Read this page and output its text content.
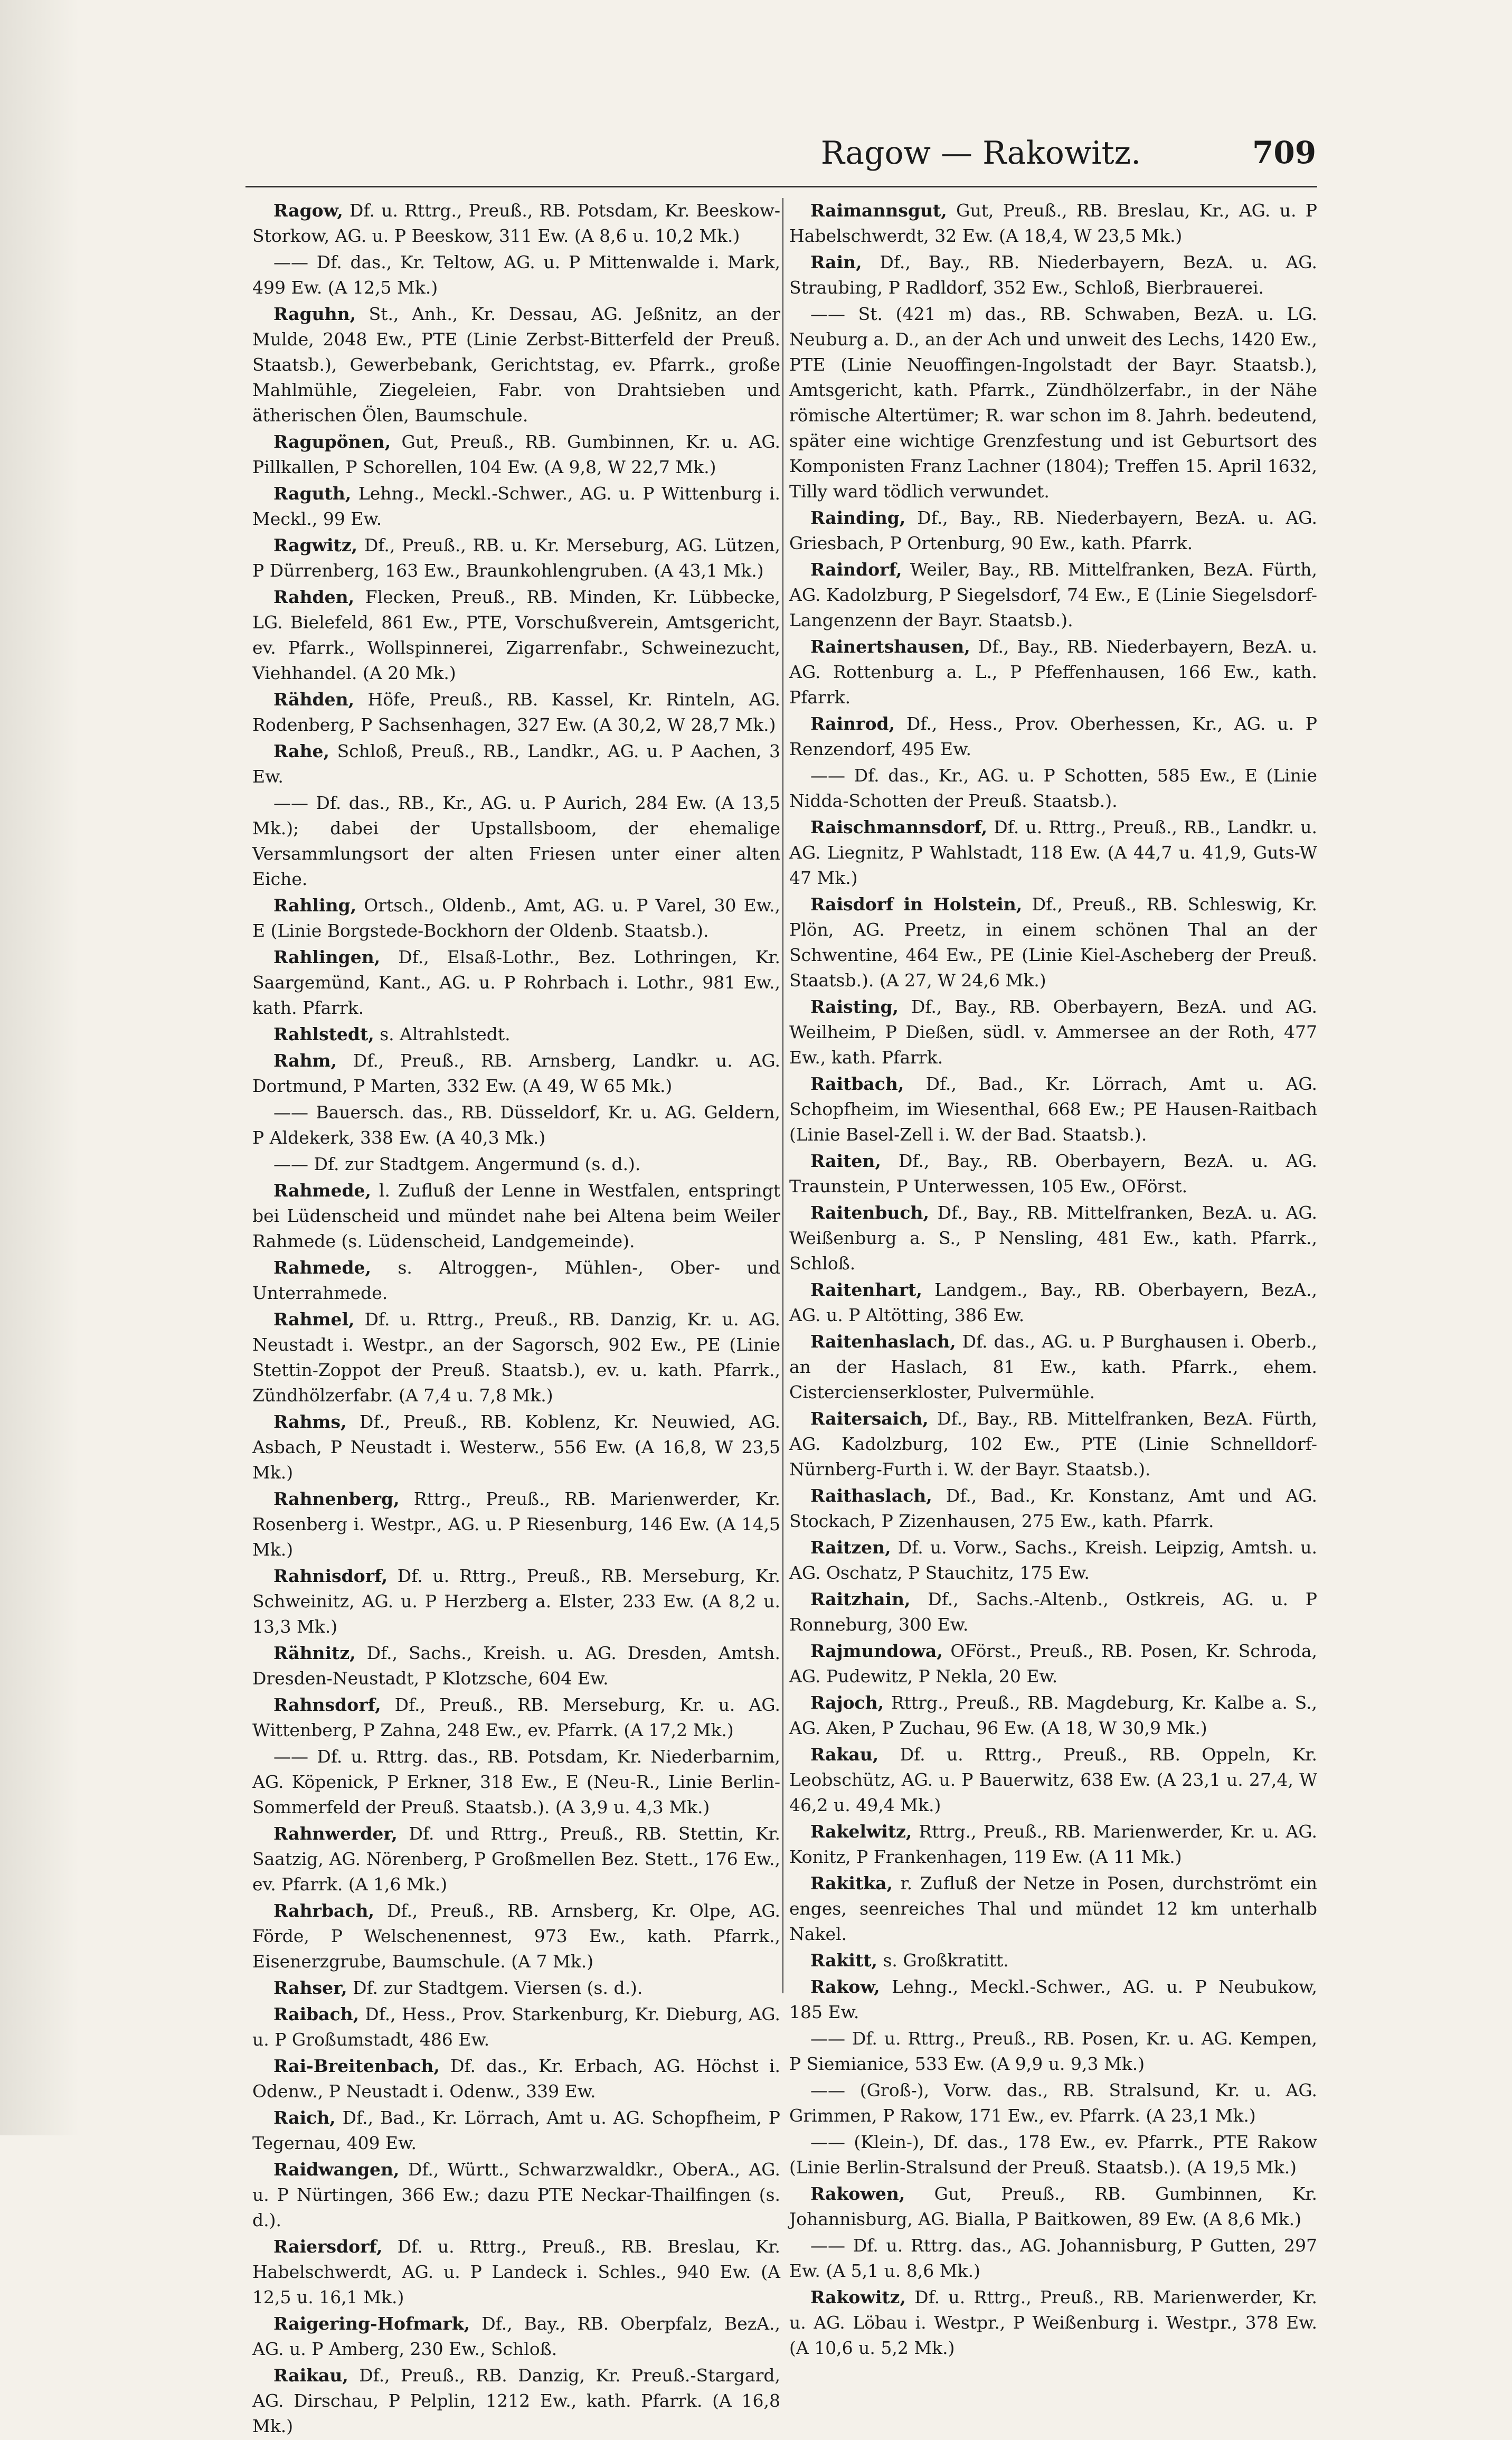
Ragow — Rakowitz.	709

Ragow, Df. u. Rttrg., Preuß., RB. Potsdam, Kr. Beeskow-Storkow, AG. u. P Beeskow, 311 Ew. (A 8,6 u. 10,2 Mk.)

—— Df. das., Kr. Teltow, AG. u. P Mittenwalde i. Mark, 499 Ew. (A 12,5 Mk.)

Raguhn, St., Anh., Kr. Dessau, AG. Jeßnitz, an der Mulde, 2048 Ew., PTE (Linie Zerbst-Bitterfeld der Preuß. Staatsb.), Gewerbebank, Gerichtstag, ev. Pfarrk., große Mahlmühle, Ziegeleien, Fabr. von Drahtsieben und ätherischen Ölen, Baumschule.

Ragupönen, Gut, Preuß., RB. Gumbinnen, Kr. u. AG. Pillkallen, P Schorellen, 104 Ew. (A 9,8, W 22,7 Mk.)

Raguth, Lehng., Meckl.-Schwer., AG. u. P Wittenburg i. Meckl., 99 Ew.

Ragwitz, Df., Preuß., RB. u. Kr. Merseburg, AG. Lützen, P Dürrenberg, 163 Ew., Braunkohlengruben. (A 43,1 Mk.)

Rahden, Flecken, Preuß., RB. Minden, Kr. Lübbecke, LG. Bielefeld, 861 Ew., PTE, Vorschußverein, Amtsgericht, ev. Pfarrk., Wollspinnerei, Zigarrenfabr., Schweinezucht, Viehhandel. (A 20 Mk.)

Rähden, Höfe, Preuß., RB. Kassel, Kr. Rinteln, AG. Rodenberg, P Sachsenhagen, 327 Ew. (A 30,2, W 28,7 Mk.)

Rahe, Schloß, Preuß., RB., Landkr., AG. u. P Aachen, 3 Ew.

—— Df. das., RB., Kr., AG. u. P Aurich, 284 Ew. (A 13,5 Mk.); dabei der Upstallsboom, der ehemalige Versammlungsort der alten Friesen unter einer alten Eiche.

Rahling, Ortsch., Oldenb., Amt, AG. u. P Varel, 30 Ew., E (Linie Borgstede-Bockhorn der Oldenb. Staatsb.).

Rahlingen, Df., Elsaß-Lothr., Bez. Lothringen, Kr. Saargemünd, Kant., AG. u. P Rohrbach i. Lothr., 981 Ew., kath. Pfarrk.

Rahlstedt, s. Altrahlstedt.

Rahm, Df., Preuß., RB. Arnsberg, Landkr. u. AG. Dortmund, P Marten, 332 Ew. (A 49, W 65 Mk.)

—— Bauersch. das., RB. Düsseldorf, Kr. u. AG. Geldern, P Aldekerk, 338 Ew. (A 40,3 Mk.)

—— Df. zur Stadtgem. Angermund (s. d.).

Rahmede, l. Zufluß der Lenne in Westfalen, entspringt bei Lüdenscheid und mündet nahe bei Altena beim Weiler Rahmede (s. Lüdenscheid, Landgemeinde).

Rahmede, s. Altroggen-, Mühlen-, Ober- und Unterrahmede.

Rahmel, Df. u. Rttrg., Preuß., RB. Danzig, Kr. u. AG. Neustadt i. Westpr., an der Sagorsch, 902 Ew., PE (Linie Stettin-Zoppot der Preuß. Staatsb.), ev. u. kath. Pfarrk., Zündhölzerfabr. (A 7,4 u. 7,8 Mk.)

Rahms, Df., Preuß., RB. Koblenz, Kr. Neuwied, AG. Asbach, P Neustadt i. Westerw., 556 Ew. (A 16,8, W 23,5 Mk.)

Rahnenberg, Rttrg., Preuß., RB. Marienwerder, Kr. Rosenberg i. Westpr., AG. u. P Riesenburg, 146 Ew. (A 14,5 Mk.)

Rahnisdorf, Df. u. Rttrg., Preuß., RB. Merseburg, Kr. Schweinitz, AG. u. P Herzberg a. Elster, 233 Ew. (A 8,2 u. 13,3 Mk.)

Rähnitz, Df., Sachs., Kreish. u. AG. Dresden, Amtsh. Dresden-Neustadt, P Klotzsche, 604 Ew.

Rahnsdorf, Df., Preuß., RB. Merseburg, Kr. u. AG. Wittenberg, P Zahna, 248 Ew., ev. Pfarrk. (A 17,2 Mk.)

—— Df. u. Rttrg. das., RB. Potsdam, Kr. Niederbarnim, AG. Köpenick, P Erkner, 318 Ew., E (Neu-R., Linie Berlin-Sommerfeld der Preuß. Staatsb.). (A 3,9 u. 4,3 Mk.)

Rahnwerder, Df. und Rttrg., Preuß., RB. Stettin, Kr. Saatzig, AG. Nörenberg, P Großmellen Bez. Stett., 176 Ew., ev. Pfarrk. (A 1,6 Mk.)

Rahrbach, Df., Preuß., RB. Arnsberg, Kr. Olpe, AG. Förde, P Welschenennest, 973 Ew., kath. Pfarrk., Eisenerzgrube, Baumschule. (A 7 Mk.)

Rahser, Df. zur Stadtgem. Viersen (s. d.).

Raibach, Df., Hess., Prov. Starkenburg, Kr. Dieburg, AG. u. P Großumstadt, 486 Ew.

Rai-Breitenbach, Df. das., Kr. Erbach, AG. Höchst i. Odenw., P Neustadt i. Odenw., 339 Ew.

Raich, Df., Bad., Kr. Lörrach, Amt u. AG. Schopfheim, P Tegernau, 409 Ew.

Raidwangen, Df., Württ., Schwarzwaldkr., OberA., AG. u. P Nürtingen, 366 Ew.; dazu PTE Neckar-Thailfingen (s. d.).

Raiersdorf, Df. u. Rttrg., Preuß., RB. Breslau, Kr. Habelschwerdt, AG. u. P Landeck i. Schles., 940 Ew. (A 12,5 u. 16,1 Mk.)

Raigering-Hofmark, Df., Bay., RB. Oberpfalz, BezA., AG. u. P Amberg, 230 Ew., Schloß.

Raikau, Df., Preuß., RB. Danzig, Kr. Preuß.-Stargard, AG. Dirschau, P Pelplin, 1212 Ew., kath. Pfarrk. (A 16,8 Mk.)

Raimannsgut, Gut, Preuß., RB. Breslau, Kr., AG. u. P Habelschwerdt, 32 Ew. (A 18,4, W 23,5 Mk.)

Rain, Df., Bay., RB. Niederbayern, BezA. u. AG. Straubing, P Radldorf, 352 Ew., Schloß, Bierbrauerei.

—— St. (421 m) das., RB. Schwaben, BezA. u. LG. Neuburg a. D., an der Ach und unweit des Lechs, 1420 Ew., PTE (Linie Neuoffingen-Ingolstadt der Bayr. Staatsb.), Amtsgericht, kath. Pfarrk., Zündhölzerfabr., in der Nähe römische Altertümer; R. war schon im 8. Jahrh. bedeutend, später eine wichtige Grenzfestung und ist Geburtsort des Komponisten Franz Lachner (1804); Treffen 15. April 1632, Tilly ward tödlich verwundet.

Rainding, Df., Bay., RB. Niederbayern, BezA. u. AG. Griesbach, P Ortenburg, 90 Ew., kath. Pfarrk.

Raindorf, Weiler, Bay., RB. Mittelfranken, BezA. Fürth, AG. Kadolzburg, P Siegelsdorf, 74 Ew., E (Linie Siegelsdorf-Langenzenn der Bayr. Staatsb.).

Rainertshausen, Df., Bay., RB. Niederbayern, BezA. u. AG. Rottenburg a. L., P Pfeffenhausen, 166 Ew., kath. Pfarrk.

Rainrod, Df., Hess., Prov. Oberhessen, Kr., AG. u. P Renzendorf, 495 Ew.

—— Df. das., Kr., AG. u. P Schotten, 585 Ew., E (Linie Nidda-Schotten der Preuß. Staatsb.).

Raischmannsdorf, Df. u. Rttrg., Preuß., RB., Landkr. u. AG. Liegnitz, P Wahlstadt, 118 Ew. (A 44,7 u. 41,9, Guts-W 47 Mk.)

Raisdorf in Holstein, Df., Preuß., RB. Schleswig, Kr. Plön, AG. Preetz, in einem schönen Thal an der Schwentine, 464 Ew., PE (Linie Kiel-Ascheberg der Preuß. Staatsb.). (A 27, W 24,6 Mk.)

Raisting, Df., Bay., RB. Oberbayern, BezA. und AG. Weilheim, P Dießen, südl. v. Ammersee an der Roth, 477 Ew., kath. Pfarrk.

Raitbach, Df., Bad., Kr. Lörrach, Amt u. AG. Schopfheim, im Wiesenthal, 668 Ew.; PE Hausen-Raitbach (Linie Basel-Zell i. W. der Bad. Staatsb.).

Raiten, Df., Bay., RB. Oberbayern, BezA. u. AG. Traunstein, P Unterwessen, 105 Ew., OFörst.

Raitenbuch, Df., Bay., RB. Mittelfranken, BezA. u. AG. Weißenburg a. S., P Nensling, 481 Ew., kath. Pfarrk., Schloß.

Raitenhart, Landgem., Bay., RB. Oberbayern, BezA., AG. u. P Altötting, 386 Ew.

Raitenhaslach, Df. das., AG. u. P Burghausen i. Oberb., an der Haslach, 81 Ew., kath. Pfarrk., ehem. Cistercienserkloster, Pulvermühle.

Raitersaich, Df., Bay., RB. Mittelfranken, BezA. Fürth, AG. Kadolzburg, 102 Ew., PTE (Linie Schnelldorf-Nürnberg-Furth i. W. der Bayr. Staatsb.).

Raithaslach, Df., Bad., Kr. Konstanz, Amt und AG. Stockach, P Zizenhausen, 275 Ew., kath. Pfarrk.

Raitzen, Df. u. Vorw., Sachs., Kreish. Leipzig, Amtsh. u. AG. Oschatz, P Stauchitz, 175 Ew.

Raitzhain, Df., Sachs.-Altenb., Ostkreis, AG. u. P Ronneburg, 300 Ew.

Rajmundowa, OFörst., Preuß., RB. Posen, Kr. Schroda, AG. Pudewitz, P Nekla, 20 Ew.

Rajoch, Rttrg., Preuß., RB. Magdeburg, Kr. Kalbe a. S., AG. Aken, P Zuchau, 96 Ew. (A 18, W 30,9 Mk.)

Rakau, Df. u. Rttrg., Preuß., RB. Oppeln, Kr. Leobschütz, AG. u. P Bauerwitz, 638 Ew. (A 23,1 u. 27,4, W 46,2 u. 49,4 Mk.)

Rakelwitz, Rttrg., Preuß., RB. Marienwerder, Kr. u. AG. Konitz, P Frankenhagen, 119 Ew. (A 11 Mk.)

Rakitka, r. Zufluß der Netze in Posen, durchströmt ein enges, seenreiches Thal und mündet 12 km unterhalb Nakel.

Rakitt, s. Großkratitt.

Rakow, Lehng., Meckl.-Schwer., AG. u. P Neubukow, 185 Ew.

—— Df. u. Rttrg., Preuß., RB. Posen, Kr. u. AG. Kempen, P Siemianice, 533 Ew. (A 9,9 u. 9,3 Mk.)

—— (Groß-), Vorw. das., RB. Stralsund, Kr. u. AG. Grimmen, P Rakow, 171 Ew., ev. Pfarrk. (A 23,1 Mk.)

—— (Klein-), Df. das., 178 Ew., ev. Pfarrk., PTE Rakow (Linie Berlin-Stralsund der Preuß. Staatsb.). (A 19,5 Mk.)

Rakowen, Gut, Preuß., RB. Gumbinnen, Kr. Johannisburg, AG. Bialla, P Baitkowen, 89 Ew. (A 8,6 Mk.)

—— Df. u. Rttrg. das., AG. Johannisburg, P Gutten, 297 Ew. (A 5,1 u. 8,6 Mk.)

Rakowitz, Df. u. Rttrg., Preuß., RB. Marienwerder, Kr. u. AG. Löbau i. Westpr., P Weißenburg i. Westpr., 378 Ew. (A 10,6 u. 5,2 Mk.)
